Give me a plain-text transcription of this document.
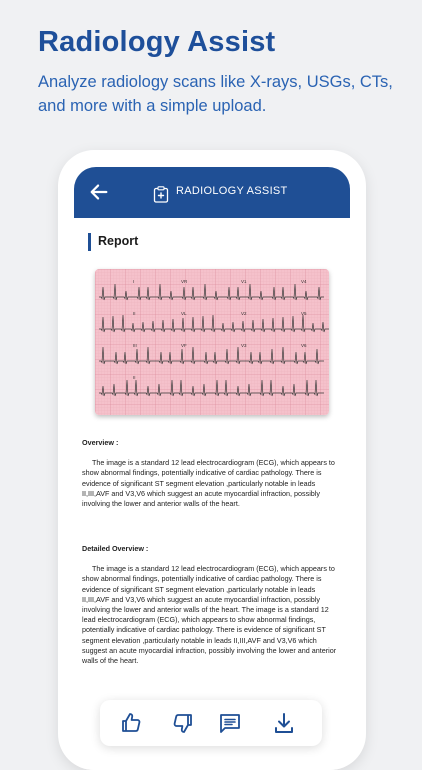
Radiology Assist

Analyze radiology scans like X-rays, USGs, CTs, and more with a simple upload.

RADIOLOGY ASSIST
Report
I	VR	V1	V4
II	VL	V2	V5
III	VF	V3	V6
II

Overview :

The image is a standard 12 lead electrocardiogram (ECG), which appears to show abnormal findings, potentially indicative of cardiac pathology. There is evidence of significant ST segment elevation ,particularly notable in leads II,III,AVF and V3,V6 which suggest an acute myocardial infraction, possibly involving the lower and anterior walls of the heart.

Detailed Overview :

The image is a standard 12 lead electrocardiogram (ECG), which appears to show abnormal findings, potentially indicative of cardiac pathology. There is evidence of significant ST segment elevation ,particularly notable in leads II,III,AVF and V3,V6 which suggest an acute myocardial infraction, possibly involving the lower and anterior walls of the heart. The image is a standard 12 lead electrocardiogram (ECG), which appears to show abnormal findings, potentially indicative of cardiac pathology. There is evidence of significant ST segment elevation ,particularly notable in leads II,III,AVF and V3,V6 which suggest an acute myocardial infraction, possibly involving the lower and anterior walls of the heart.
